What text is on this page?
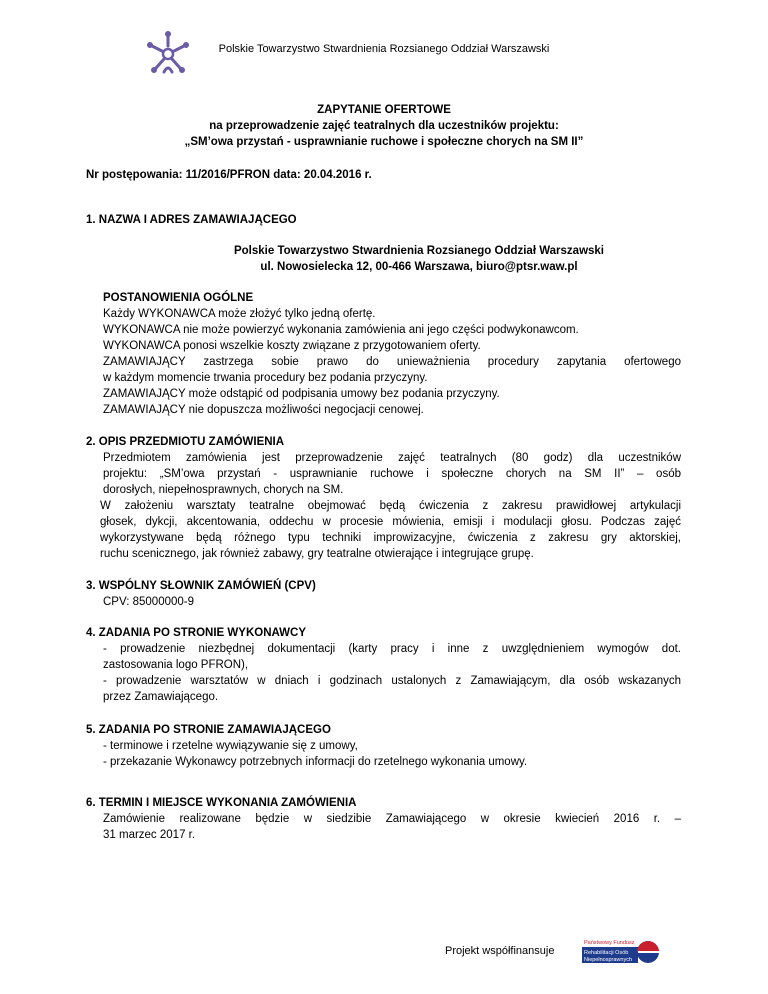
Polskie Towarzystwo Stwardnienia Rozsianego Oddział Warszawski
ZAPYTANIE OFERTOWE
na przeprowadzenie zajęć teatralnych dla uczestników projektu:
„SM’owa przystań - usprawnianie ruchowe i społeczne chorych na SM II”
Nr postępowania: 11/2016/PFRON data: 20.04.2016 r.
1. NAZWA I ADRES ZAMAWIAJĄCEGO
Polskie Towarzystwo Stwardnienia Rozsianego Oddział Warszawski
ul. Nowosielecka 12, 00-466 Warszawa, biuro@ptsr.waw.pl
POSTANOWIENIA OGÓLNE
Każdy WYKONAWCA może złożyć tylko jedną ofertę.
WYKONAWCA nie może powierzyć wykonania zamówienia ani jego części podwykonawcom.
WYKONAWCA ponosi wszelkie koszty związane z przygotowaniem oferty.
ZAMAWIAJĄCY zastrzega sobie prawo do unieważnienia procedury zapytania ofertowego
w każdym momencie trwania procedury bez podania przyczyny.
ZAMAWIAJĄCY może odstąpić od podpisania umowy bez podania przyczyny.
ZAMAWIAJĄCY nie dopuszcza możliwości negocjacji cenowej.
2. OPIS PRZEDMIOTU ZAMÓWIENIA
Przedmiotem zamówienia jest przeprowadzenie zajęć teatralnych (80 godz) dla uczestników
projektu: „SM’owa przystań - usprawnianie ruchowe i społeczne chorych na SM II” – osób
dorosłych, niepełnosprawnych, chorych na SM.
W założeniu warsztaty teatralne obejmować będą ćwiczenia z zakresu prawidłowej artykulacji
głosek, dykcji, akcentowania, oddechu w procesie mówienia, emisji i modulacji głosu. Podczas zajęć
wykorzystywane będą różnego typu techniki improwizacyjne, ćwiczenia z zakresu gry aktorskiej,
ruchu scenicznego, jak również zabawy, gry teatralne otwierające i integrujące grupę.
3. WSPÓLNY SŁOWNIK ZAMÓWIEŃ (CPV)
CPV: 85000000-9
4. ZADANIA PO STRONIE WYKONAWCY
- prowadzenie niezbędnej dokumentacji (karty pracy i inne z uwzględnieniem wymogów dot.
zastosowania logo PFRON),
- prowadzenie warsztatów w dniach i godzinach ustalonych z Zamawiającym, dla osób wskazanych
przez Zamawiającego.
5. ZADANIA PO STRONIE ZAMAWIAJĄCEGO
- terminowe i rzetelne wywiązywanie się z umowy,
- przekazanie Wykonawcy potrzebnych informacji do rzetelnego wykonania umowy.
6. TERMIN I MIEJSCE WYKONANIA ZAMÓWIENIA
Zamówienie realizowane będzie w siedzibie Zamawiającego w okresie kwiecień 2016 r. –
31 marzec 2017 r.
Projekt współfinansuje
Państwowy Fundusz
Rehabilitacji Osób
Niepełnosprawnych
